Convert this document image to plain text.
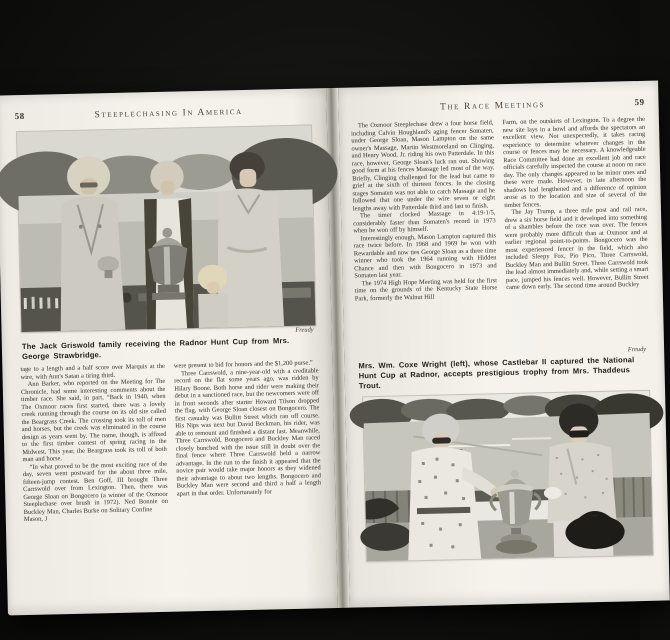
58	Steeplechasing In America
Freudy
The Jack Griswold family receiving the Radnor Hunt Cup from Mrs. George Strawbridge.

tage to a length and a half score over Marquis at the wire, with Ann's Satan a tiring third.

Ann Barker, who reported on the Meeting for The Chronicle, had some interesting comments about the timber race. She said, in part, “Back in 1940, when The Oxmoor races first started, there was a lovely creek running through the course on its old site called the Beargrass Creek. The crossing took its toll of men and horses, but the creek was eliminated in the course design as years went by. The name, though, is affixed to the first timber contest of spring racing in the Midwest. This year, the Beargrass took its toll of both man and horse.

“In what proved to be the most exciting race of the day, seven went postward for the about three mile, fifteen-jump contest. Ben Goff, III brought Three Carrswold over from Lexington. Then, there was George Sloan on Bongocero (a winner of the Oxmoor Steeplechase over brush in 1972). Ned Bonnie on Buckley Man, Charles Burke on Solitary Confine

Mason, J

were present to bid for honors and the $1,200 purse.”

Three Carrswold, a nine-year-old with a creditable record on the flat some years ago, was ridden by Hilary Boone. Both horse and rider were making their debut in a sanctioned race, but the newcomers were off in front seconds after starter Howard Tilson dropped the flag, with George Sloan closest on Bongocero. The first casualty was Bullitt Street which ran off course. His Nips was next but David Beckman, his rider, was able to remount and finished a distant last. Meanwhile, Three Carrswold, Bongocero and Buckley Man raced closely bunched with the issue still in doubt over the final fence where Three Carrswold held a narrow advantage. In the run to the finish it appeared that the novice pair would take major honors as they widened their advantage to about two lengths. Bongocero and Buckley Man were second and third a half a length apart in that order. Unfortunately for

The Race Meetings	59

The Oxmoor Steeplechase drew a four horse field, including Calvin Houghland's aging fencer Somaten, under George Sloan, Mason Lampton on the same owner's Massage, Martin Westmoreland on Clinging, and Henry Wood, Jr. riding his own Patterdale. In this race, however, George Sloan's luck ran out. Showing good form at his fences Massage led most of the way. Briefly, Clinging challenged for the lead but came to grief at the sixth of thirteen fences. In the closing stages Somaten was not able to catch Massage and he followed that one under the wire seven or eight lengths away with Patterdale third and last to finish.

The timer clocked Massage in 4:19-1/5, considerably faster than Somaten's record in 1973 when he won off by himself.

Interestingly enough, Mason Lampton captured this race twice before. In 1968 and 1969 he won with Rewardable and now ties George Sloan as a three time winner who took the 1964 running with Hidden Chance and then with Bongocero in 1973 and Somaten last year.

The 1974 High Hope Meeting was held for the first time on the grounds of the Kentucky State Horse Park, formerly the Walnut Hill

Farm, on the outskirts of Lexington. To a degree the new site lays in a bowl and affords the spectators an excellent view. Not unexpectedly, it takes racing experience to determine whatever changes in the course or fences may be necessary. A knowledgeable Race Committee had done an excellent job and race officials carefully inspected the course at noon on race day. The only changes appeared to be minor ones and these were made. However, in late afternoon the shadows had lengthened and a difference of opinion arose as to the location and size of several of the timber fences.

The Jay Trump, a three mile post and rail race, drew a six horse field and it developed into something of a shambles before the race was over. The fences were probably more difficult than at Oxmoor and at earlier regional point-to-points. Bongocero was the most experienced fencer in the field, which also included Sleepy Fox, Pio Pico, Three Carrswold, Buckley Man and Bullitt Street. Three Carrswold took the lead almost immediately and, while setting a smart pace, jumped his fences well. However, Bullitt Street came down early. The second time around Buckley

Freudy
Mrs. Wm. Coxe Wright (left), whose Castlebar II captured the National Hunt Cup at Radnor, accepts prestigious trophy from Mrs. Thaddeus Trout.
